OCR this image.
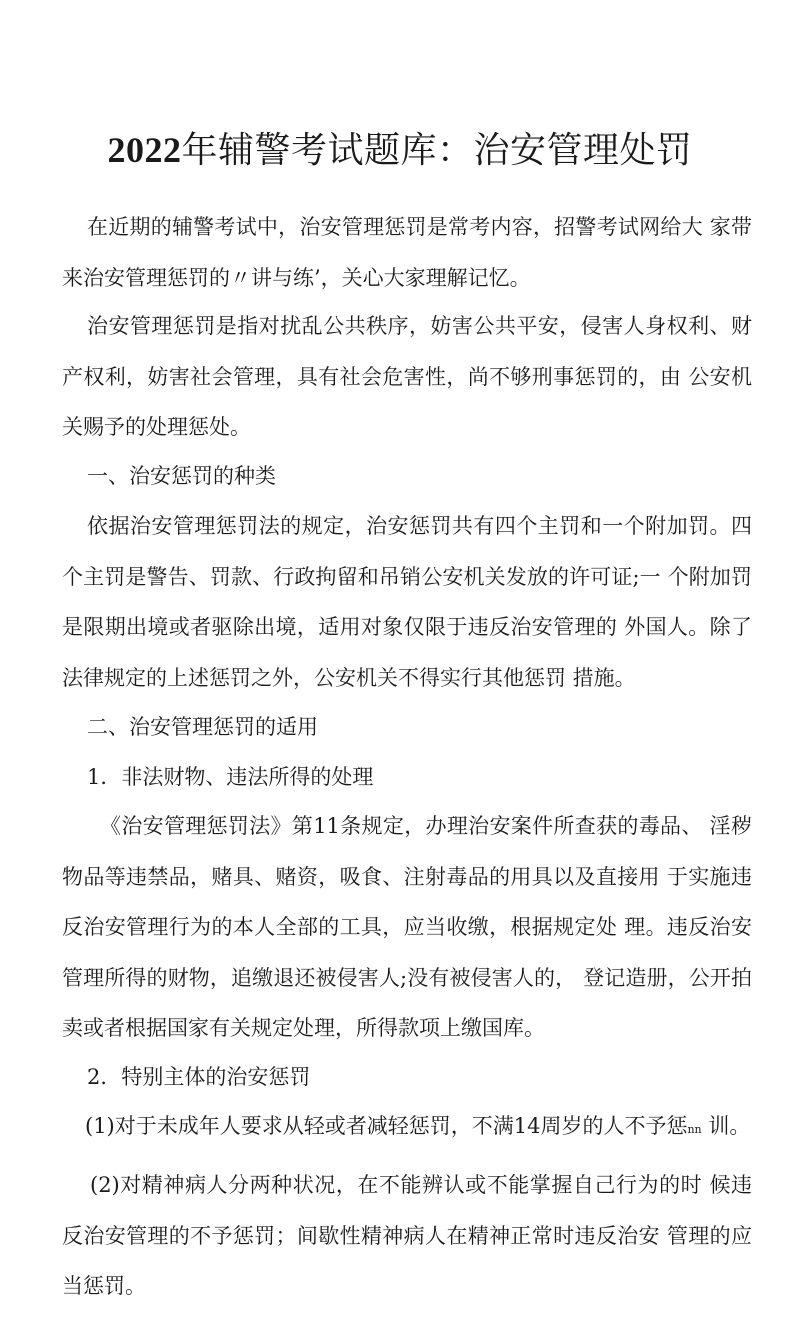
2022年辅警考试题库：治安管理处罚

在近期的辅警考试中，治安管理惩罚是常考内容，招警考试网给大 家带来治安管理惩罚的〃讲与练’，关心大家理解记忆。

治安管理惩罚是指对扰乱公共秩序，妨害公共平安，侵害人身权利、财产权利，妨害社会管理，具有社会危害性，尚不够刑事惩罚的，由 公安机关赐予的处理惩处。

一、治安惩罚的种类

依据治安管理惩罚法的规定，治安惩罚共有四个主罚和一个附加罚。四个主罚是警告、罚款、行政拘留和吊销公安机关发放的许可证;一 个附加罚是限期出境或者驱除出境，适用对象仅限于违反治安管理的 外国人。除了法律规定的上述惩罚之外，公安机关不得实行其他惩罚 措施。

二、治安管理惩罚的适用

1．非法财物、违法所得的处理

《治安管理惩罚法》第11条规定，办理治安案件所查获的毒品、 淫秽物品等违禁品，赌具、赌资，吸食、注射毒品的用具以及直接用 于实施违反治安管理行为的本人全部的工具，应当收缴，根据规定处 理。违反治安管理所得的财物，追缴退还被侵害人;没有被侵害人的， 登记造册，公开拍卖或者根据国家有关规定处理，所得款项上缴国库。

2．特别主体的治安惩罚

(1)对于未成年人要求从轻或者减轻惩罚，不满14周岁的人不予惩nn 训。

(2)对精神病人分两种状况，在不能辨认或不能掌握自己行为的时 候违反治安管理的不予惩罚；间歇性精神病人在精神正常时违反治安 管理的应当惩罚。
